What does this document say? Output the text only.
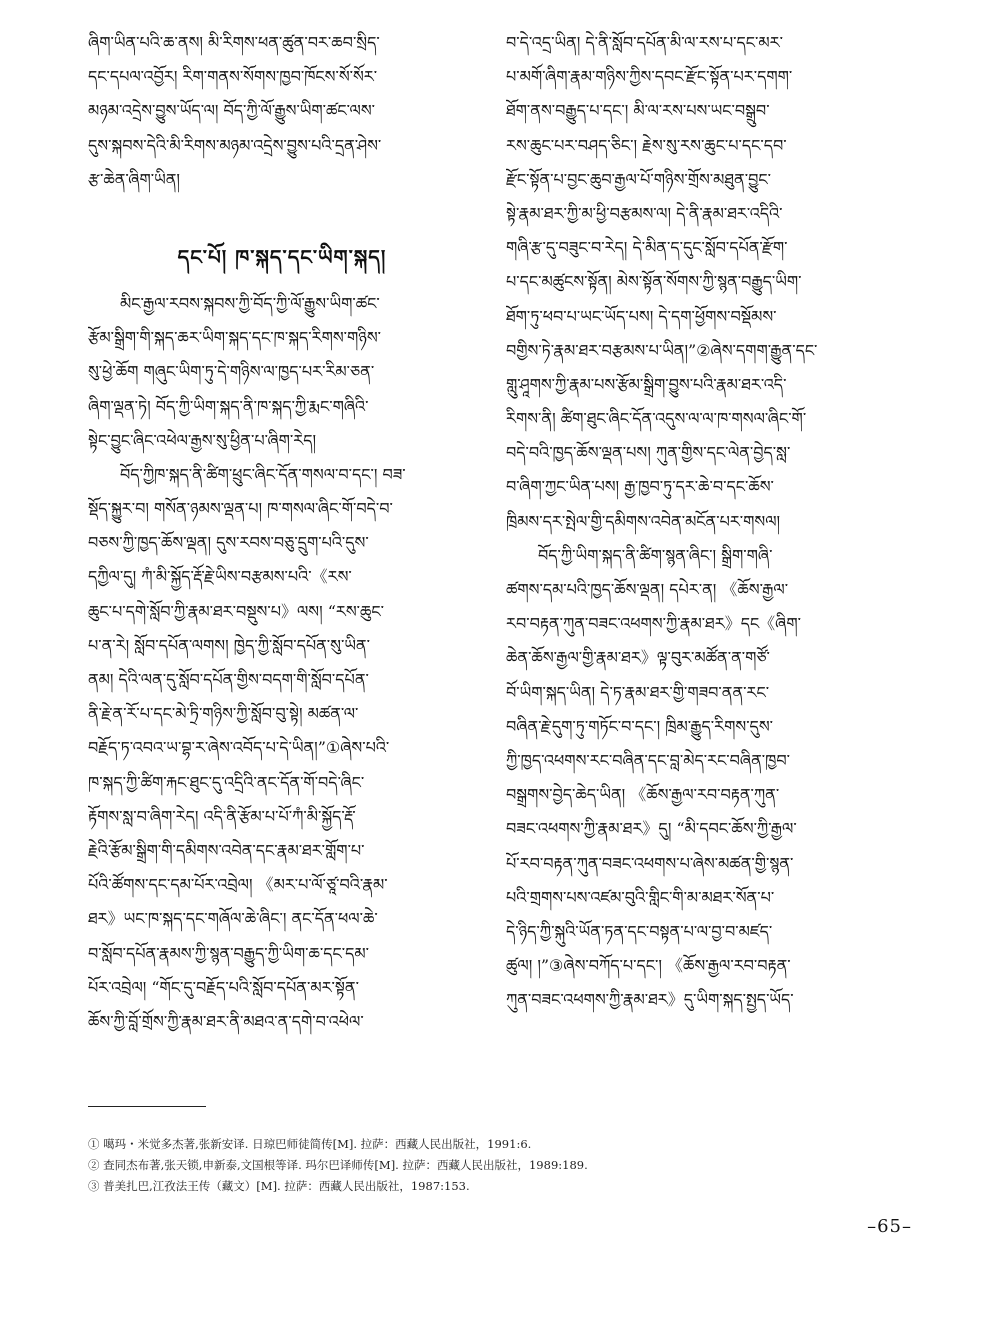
ཞིག་ཡིན་པའི་ཆ་ནས། མི་རིགས་ཕན་ཚུན་བར་ཆབ་སྲིད་
དང་དཔལ་འབྱོར། རིག་གནས་སོགས་ཁྱབ་ཁོངས་སོ་སོར་
མཉམ་འདྲེས་བྱུས་ཡོད་ལ། བོད་ཀྱི་ལོ་རྒྱུས་ཡིག་ཚང་ལས་
དུས་སྐབས་དེའི་མི་རིགས་མཉམ་འདྲེས་བྱུས་པའི་དྲན་ཤེས་
རྩ་ཆེན་ཞིག་ཡིན།
དང་པོ། ཁ་སྐད་དང་ཡིག་སྐད།
མིང་རྒྱལ་རབས་སྐབས་ཀྱི་བོད་ཀྱི་ལོ་རྒྱུས་ཡིག་ཚང་
རྩོམ་སྒྲིག་གི་སྐད་ཆར་ཡིག་སྐད་དང་ཁ་སྐད་རིགས་གཉིས་
སུ་ཕྱེ་ཆོག གཞུང་ཡིག་ཏུ་དེ་གཉིས་ལ་ཁྱད་པར་རིམ་ཅན་
ཞིག་ལྡན་ཏེ། བོད་ཀྱི་ཡིག་སྐད་ནི་ཁ་སྐད་ཀྱི་རྨང་གཞིའི་
སྟེང་བྱུང་ཞིང་འཕེལ་རྒྱས་སུ་ཕྱིན་པ་ཞིག་རེད།
བོད་ཀྱིཁ་སྐད་ནི་ཚིག་ཕྲུང་ཞིང་དོན་གསལ་བ་དང་། བཟ་
སྡོད་སྐྱུར་བ། གསོན་ཉམས་ལྡན་པ། ཁ་གསལ་ཞིང་གོ་བདེ་བ་
བཅས་ཀྱི་ཁྱད་ཆོས་ལྡན། དུས་རབས་བཅུ་དྲུག་པའི་དུས་
དཀྱིལ་དུ། ཀཾ་མི་སྐྱོད་རྡོ་རྗེ་ཡིས་བརྩམས་པའི་《རས་
ཆུང་པ་དགེ་སློབ་ཀྱི་རྣམ་ཐར་བསྡུས་པ》ལས། “རས་ཆུང་
པ་ན་རེ། སློབ་དཔོན་ལགས། ཁྱེད་ཀྱི་སློབ་དཔོན་སུ་ཡིན་
ནམ། དེའི་ལན་དུ་སློབ་དཔོན་གྱིས་བདག་གི་སློབ་དཔོན་
ནི་རྗེ་ན་རོ་པ་དང་མེ་ཏྲི་གཉིས་ཀྱི་སློབ་བུ་སྟེ། མཚན་ལ་
བརྗོད་ཏ་འབའ་ཡ་བྷ་ར་ཞེས་འབོད་པ་དེ་ཡིན།”①ཞེས་པའི་
ཁ་སྐད་ཀྱི་ཚིག་རྐང་ཐུང་དུ་འདྲིའི་ནང་དོན་གོ་བདེ་ཞིང་
རྟོགས་སླ་བ་ཞིག་རེད། འདི་ནི་རྩོམ་པ་པོ་ཀཾ་མི་སྐྱོད་རྡོ་
རྗེའི་རྩོམ་སྒྲིག་གི་དམིགས་འབེན་དང་རྣམ་ཐར་གློག་པ་
པོའི་ཚོགས་དང་དམ་པོར་འབྲེལ། 《མར་པ་ལོ་ཙཱ་བའི་རྣམ་
ཐར》ཡང་ཁ་སྐད་དང་གཞོལ་ཆེ་ཞིང་། ནང་དོན་ཕལ་ཆེ་
བ་སློབ་དཔོན་རྣམས་ཀྱི་སྙན་བརྒྱུད་ཀྱི་ཡིག་ཆ་དང་དམ་
པོར་འབྲེལ། “གོང་དུ་བརྗོད་པའི་སློབ་དཔོན་མར་སྟོན་
ཆོས་ཀྱི་བློ་གྲོས་ཀྱི་རྣམ་ཐར་ནི་མཐའ་ན་དགེ་བ་འཕེལ་
བ་དེ་འདྲ་ཡིན། དེ་ནི་སློབ་དཔོན་མི་ལ་རས་པ་དང་མར་
པ་མགོ་ཞིག་རྣམ་གཉིས་ཀྱིས་དབང་རྫོང་སྟོན་པར་དགག་
ཐོག་ནས་བརྒྱུད་པ་དང་། མི་ལ་རས་པས་ཡང་བསྒྲུབ་
རས་ཆུང་པར་བཤད་ཅིང་། རྗེས་སུ་རས་ཆུང་པ་དང་དབ་
རྫོང་སྟོན་པ་བྱང་ཆུབ་རྒྱལ་པོ་གཉིས་གྲོས་མཐུན་བྱུང་
སྟེ་རྣམ་ཐར་ཀྱི་མ་ཕྱི་བརྩམས་ལ། དེ་ནི་རྣམ་ཐར་འདིའི་
གཞི་རྩ་དུ་བཟུང་བ་རེད། དེ་མིན་ད་དུང་སློབ་དཔོན་རྫོག་
པ་དང་མཚུངས་སྟོན། མེས་སྟོན་སོགས་ཀྱི་སྙན་བརྒྱུད་ཡིག་
ཐོག་ཏུ་ཕབ་པ་ཡང་ཡོད་པས། དེ་དག་ཕྱོགས་བསྡོམས་
བགྱིས་ཏེ་རྣམ་ཐར་བརྩམས་པ་ཡིན།”②ཞེས་དགག་རྒྱུན་དང་
གླུ་ཤཱགས་ཀྱི་རྣམ་པས་རྩོམ་སྒྲིག་བྱུས་པའི་རྣམ་ཐར་འདི་
རིགས་ནི། ཚིག་ཐུང་ཞིང་དོན་འདུས་ལ་ལ་ཁ་གསལ་ཞིང་གོ་
བདེ་བའི་ཁྱད་ཆོས་ལྡན་པས། ཀུན་གྱིས་དང་ལེན་བྱེད་སླ་
བ་ཞིག་ཀྱང་ཡིན་པས། རྒྱ་ཁྱབ་ཏུ་དར་ཆེ་བ་དང་ཆོས་
ཁྲིམས་དར་སྤེལ་གྱི་དམིགས་འབེན་མངོན་པར་གསལ།
བོད་ཀྱི་ཡིག་སྐད་ནི་ཚིག་སྙན་ཞིང་། སྒྲིག་གཞི་
ཚགས་དམ་པའི་ཁྱད་ཆོས་ལྡན། དཔེར་ན། 《ཆོས་རྒྱལ་
རབ་བརྟན་ཀུན་བཟང་འཕགས་ཀྱི་རྣམ་ཐར》དང《ཞིག་
ཆེན་ཆོས་རྒྱལ་གྱི་རྣམ་ཐར》ལྟ་བུར་མཚོན་ན་གཙོ་
བོ་ཡིག་སྐད་ཡིན། དེ་ཏ་རྣམ་ཐར་གྱི་གཟབ་ནན་རང་
བཞིན་རྗེ་དུག་ཏུ་གཏོང་བ་དང་། ཁྲིམ་རྒྱུད་རིགས་དུས་
ཀྱི་ཁྱད་འཕགས་རང་བཞིན་དང་བླ་མེད་རང་བཞིན་ཁྱབ་
བསྒྲགས་བྱེད་ཆེད་ཡིན། 《ཆོས་རྒྱལ་རབ་བརྟན་ཀུན་
བཟང་འཕགས་ཀྱི་རྣམ་ཐར》དུ། “མི་དབང་ཆོས་ཀྱི་རྒྱལ་
པོ་རབ་བརྟན་ཀུན་བཟང་འཕགས་པ་ཞེས་མཚན་གྱི་སྙན་
པའི་གྲགས་པས་འཛམ་བུའི་གླིང་གི་མ་མཐར་སོན་པ་
དེ་ཉིད་ཀྱི་སྐུའི་ཡོན་ཏན་དང་བསྟན་པ་ལ་བྱ་བ་མཛད་
ཚུལ། །”③ཞེས་བཀོད་པ་དང་། 《ཆོས་རྒྱལ་རབ་བརྟན་
ཀུན་བཟང་འཕགས་ཀྱི་རྣམ་ཐར》དུ་ཡིག་སྐད་སྤྱད་ཡོད་
① 噶玛・米觉多杰著,张新安译. 日琼巴师徒简传[M]. 拉萨：西藏人民出版社，1991:6.
② 查同杰布著,张天锁,申新泰,文国根等译. 玛尔巴译师传[M]. 拉萨：西藏人民出版社，1989:189.
③ 普美扎巴,江孜法王传（藏文）[M]. 拉萨：西藏人民出版社，1987:153.
–65–
